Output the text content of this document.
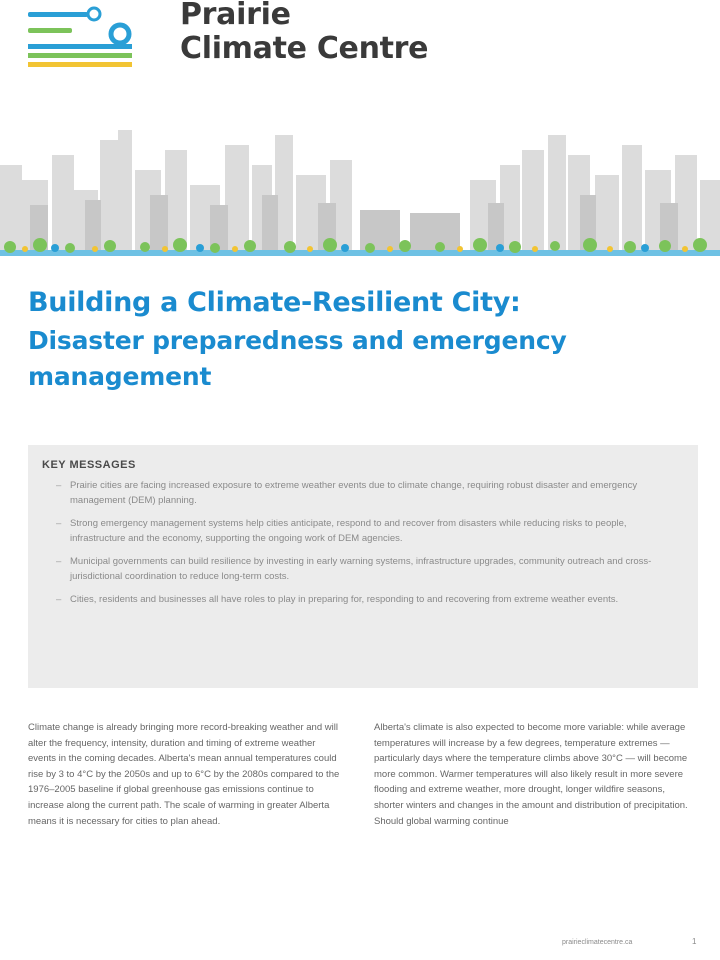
Prairie
Climate Centre
Building a Climate-Resilient City:
Disaster preparedness and emergency
management
KEY MESSAGES
– Prairie cities are facing increased exposure to extreme weather events due to climate change, requiring robust disaster and emergency management (DEM) planning.
– Strong emergency management systems help cities anticipate, respond to and recover from disasters while reducing risks to people, infrastructure and the economy, supporting the ongoing work of DEM agencies.
– Municipal governments can build resilience by investing in early warning systems, infrastructure upgrades, community outreach and cross-jurisdictional coordination to reduce long-term costs.
– Cities, residents and businesses all have roles to play in preparing for, responding to and recovering from extreme weather events.

Climate change is already bringing more record-breaking weather and will alter the frequency, intensity, duration and timing of extreme weather events in the coming decades. Alberta's mean annual temperatures could rise by 3 to 4°C by the 2050s and up to 6°C by the 2080s compared to the 1976–2005 baseline if global greenhouse gas emissions continue to increase along the current path. The scale of warming in greater Alberta means it is necessary for cities to plan ahead.

Alberta's climate is also expected to become more variable: while average temperatures will increase by a few degrees, temperature extremes — particularly days where the temperature climbs above 30°C — will become more common. Warmer temperatures will also likely result in more severe flooding and extreme weather, more drought, longer wildfire seasons, shorter winters and changes in the amount and distribution of precipitation. Should global warming continue

prairieclimatecentre.ca	1
